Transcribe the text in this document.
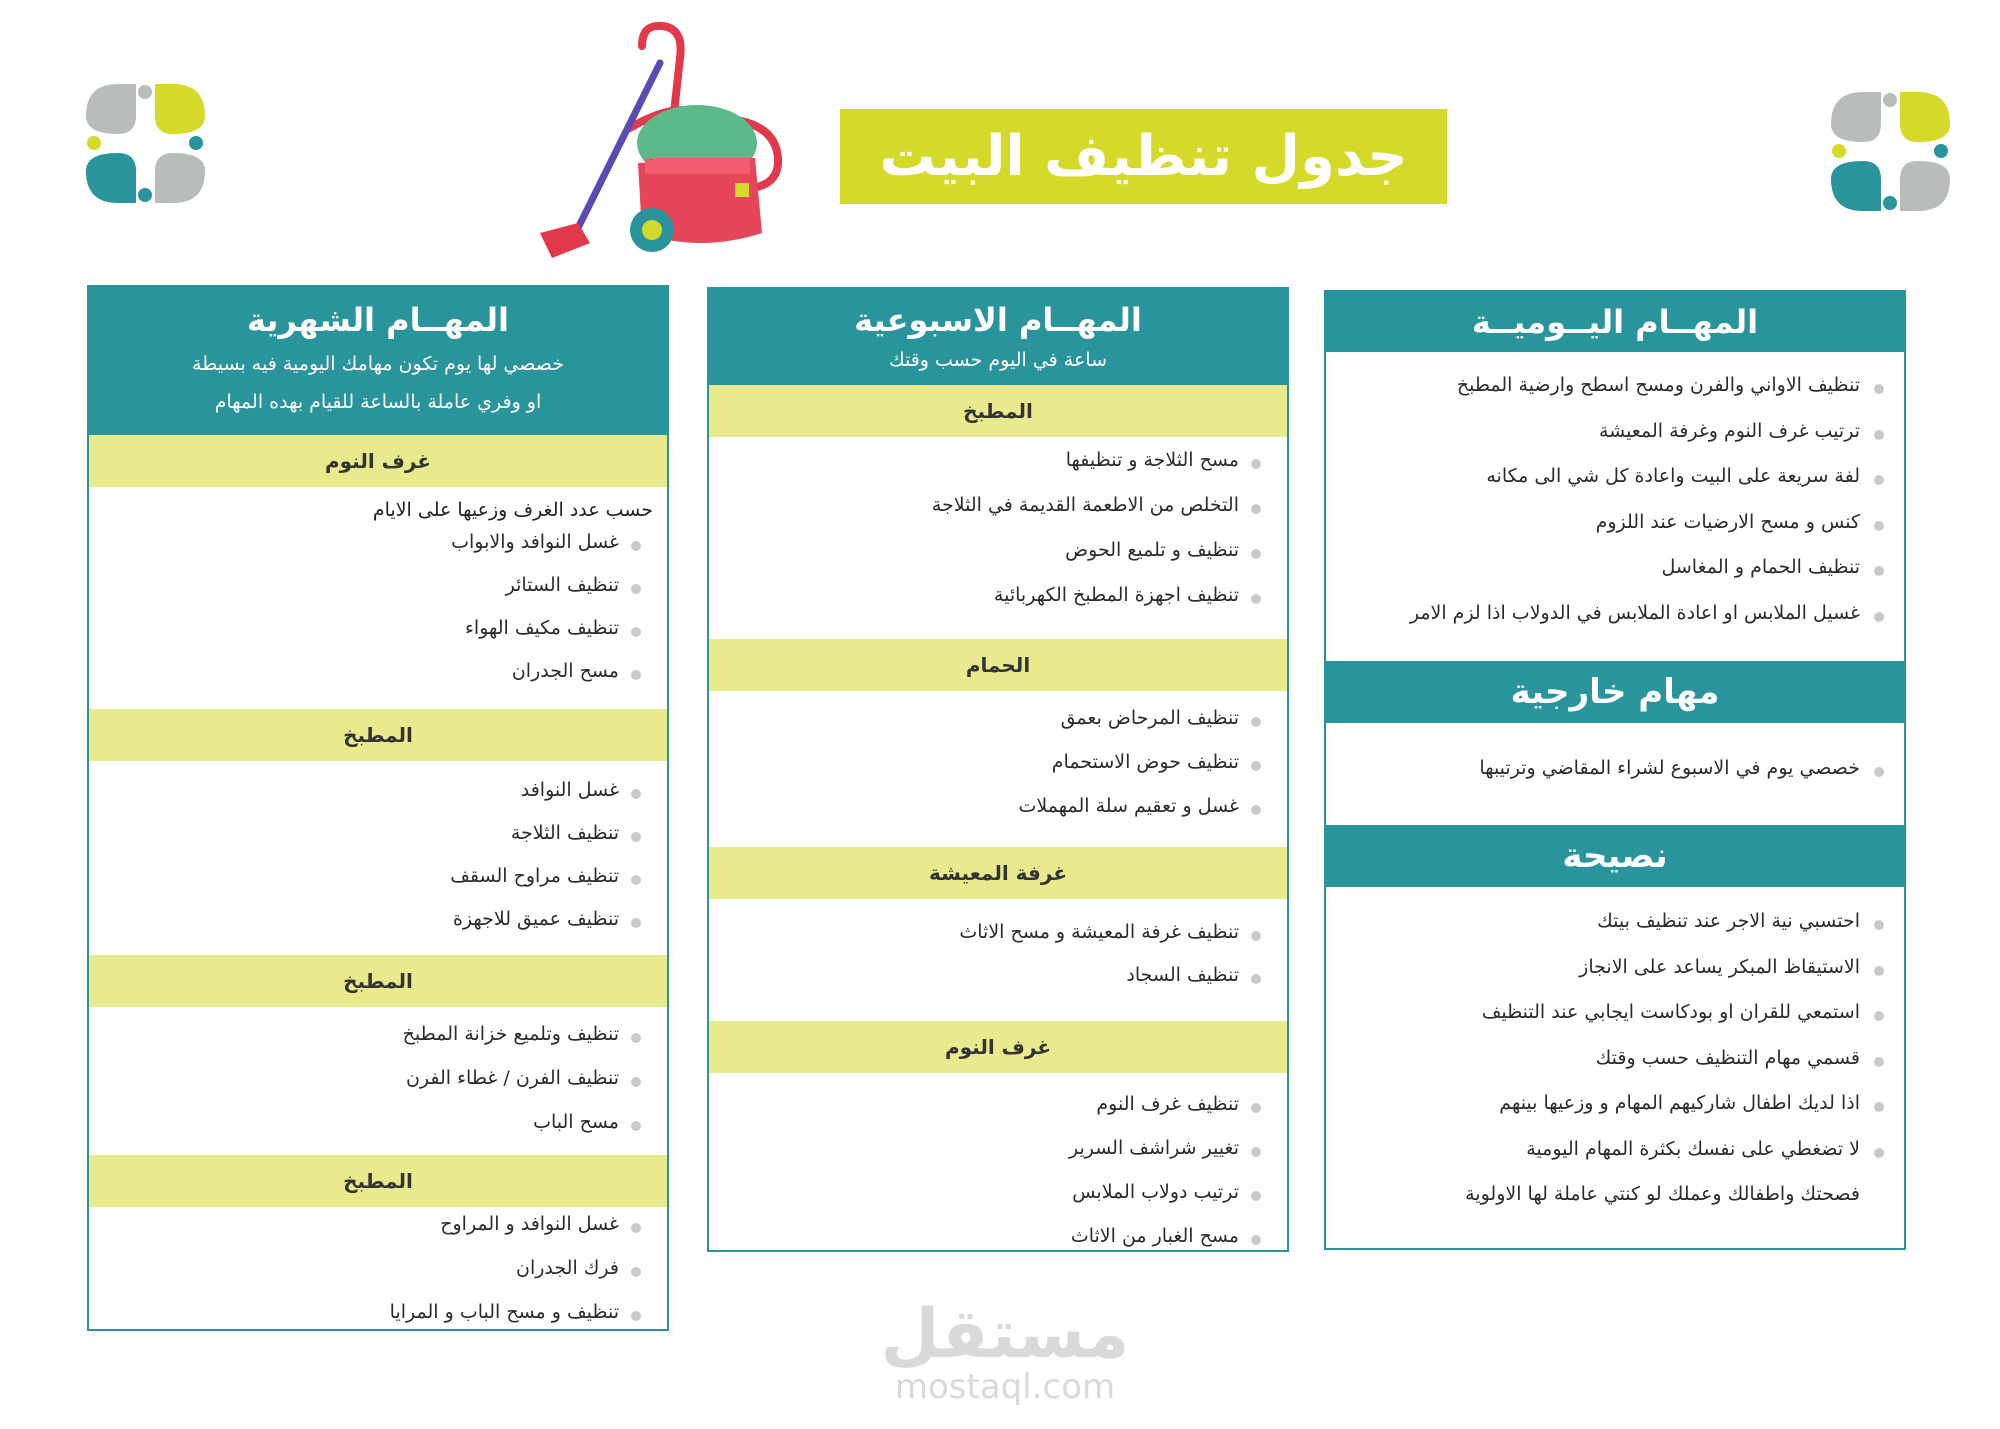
جدول تنظيف البيت
المهــام اليــوميــة
تنظيف الاواني والفرن ومسح اسطح وارضية المطبخ
ترتيب غرف النوم وغرفة المعيشة
لفة سريعة على البيت واعادة كل شي الى مكانه
كنس و مسح الارضيات عند اللزوم
تنظيف الحمام و المغاسل
غسيل الملابس او اعادة الملابس في الدولاب اذا لزم الامر
مهام خارجية
خصصي يوم في الاسبوع لشراء المقاضي وترتيبها
نصيحة
احتسبي نية الاجر عند تنظيف بيتك
الاستيقاظ المبكر يساعد على الانجاز
استمعي للقران او بودكاست ايجابي عند التنظيف
قسمي مهام التنظيف حسب وقتك
اذا لديك اطفال شاركيهم المهام و وزعيها بينهم
لا تضغطي على نفسك بكثرة المهام اليومية
فصحتك واطفالك وعملك لو كنتي عاملة لها الاولوية
المهــام الاسبوعية
ساعة في اليوم حسب وقتك
المطبخ
مسح الثلاجة و تنظيفها
التخلص من الاطعمة القديمة في الثلاجة
تنظيف و تلميع الحوض
تنظيف اجهزة المطبخ الكهربائية
الحمام
تنظيف المرحاض بعمق
تنظيف حوض الاستحمام
غسل و تعقيم سلة المهملات
غرفة المعيشة
تنظيف غرفة المعيشة و مسح الاثاث
تنظيف السجاد
غرف النوم
تنظيف غرف النوم
تغيير شراشف السرير
ترتيب دولاب الملابس
مسح الغبار من الاثاث
المهــام الشهرية
خصصي لها يوم تكون مهامك اليومية فيه بسيطة
او وفري عاملة بالساعة للقيام بهده المهام
غرف النوم
حسب عدد الغرف وزعيها على الايام
غسل النوافد والابواب
تنظيف الستائر
تنظيف مكيف الهواء
مسح الجدران
المطبخ
غسل النوافد
تنظيف الثلاجة
تنظيف مراوح السقف
تنظيف عميق للاجهزة
المطبخ
تنظيف وتلميع خزانة المطبخ
تنظيف الفرن / غطاء الفرن
مسح الباب
المطبخ
غسل النوافد و المراوح
فرك الجدران
تنظيف و مسح الباب و المرايا	مستقل
mostaql.com
